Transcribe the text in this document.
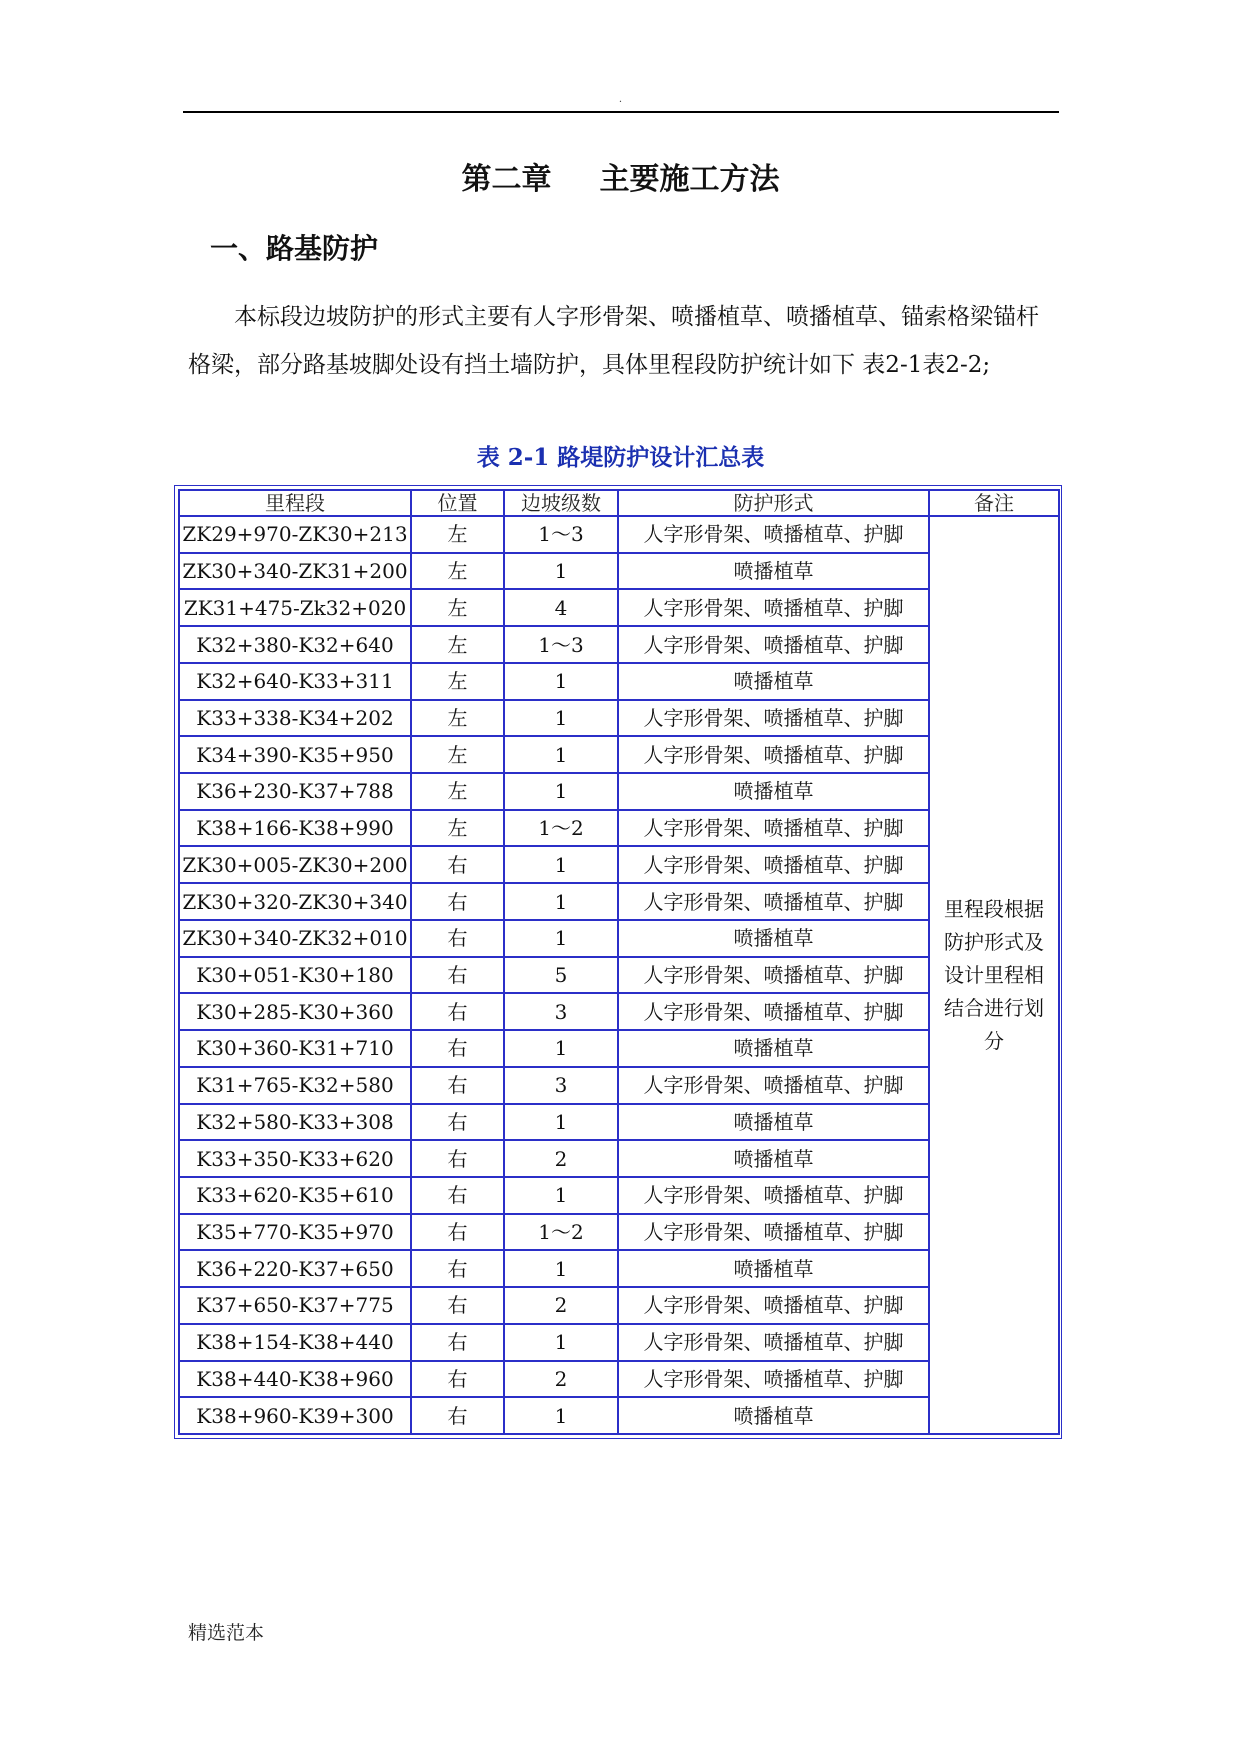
.
第二章 主要施工方法
一、路基防护

本标段边坡防护的形式主要有人字形骨架、喷播植草、喷播植草、锚索格梁锚杆格梁，部分路基坡脚处设有挡土墙防护，具体里程段防护统计如下 表2-1表2-2;

表 2-1 路堤防护设计汇总表
里程段	位置	边坡级数	防护形式	备注
ZK29+970-ZK30+213	左	1～3	人字形骨架、喷播植草、护脚	里程段根据防护形式及设计里程相结合进行划分
ZK30+340-ZK31+200	左	1	喷播植草	
ZK31+475-Zk32+020	左	4	人字形骨架、喷播植草、护脚	
K32+380-K32+640	左	1～3	人字形骨架、喷播植草、护脚	
K32+640-K33+311	左	1	喷播植草	
K33+338-K34+202	左	1	人字形骨架、喷播植草、护脚	
K34+390-K35+950	左	1	人字形骨架、喷播植草、护脚	
K36+230-K37+788	左	1	喷播植草	
K38+166-K38+990	左	1～2	人字形骨架、喷播植草、护脚	
ZK30+005-ZK30+200	右	1	人字形骨架、喷播植草、护脚	
ZK30+320-ZK30+340	右	1	人字形骨架、喷播植草、护脚	
ZK30+340-ZK32+010	右	1	喷播植草	
K30+051-K30+180	右	5	人字形骨架、喷播植草、护脚	
K30+285-K30+360	右	3	人字形骨架、喷播植草、护脚	
K30+360-K31+710	右	1	喷播植草	
K31+765-K32+580	右	3	人字形骨架、喷播植草、护脚	
K32+580-K33+308	右	1	喷播植草	
K33+350-K33+620	右	2	喷播植草	
K33+620-K35+610	右	1	人字形骨架、喷播植草、护脚	
K35+770-K35+970	右	1～2	人字形骨架、喷播植草、护脚	
K36+220-K37+650	右	1	喷播植草	
K37+650-K37+775	右	2	人字形骨架、喷播植草、护脚	
K38+154-K38+440	右	1	人字形骨架、喷播植草、护脚	
K38+440-K38+960	右	2	人字形骨架、喷播植草、护脚	
K38+960-K39+300	右	1	喷播植草	
精选范本
